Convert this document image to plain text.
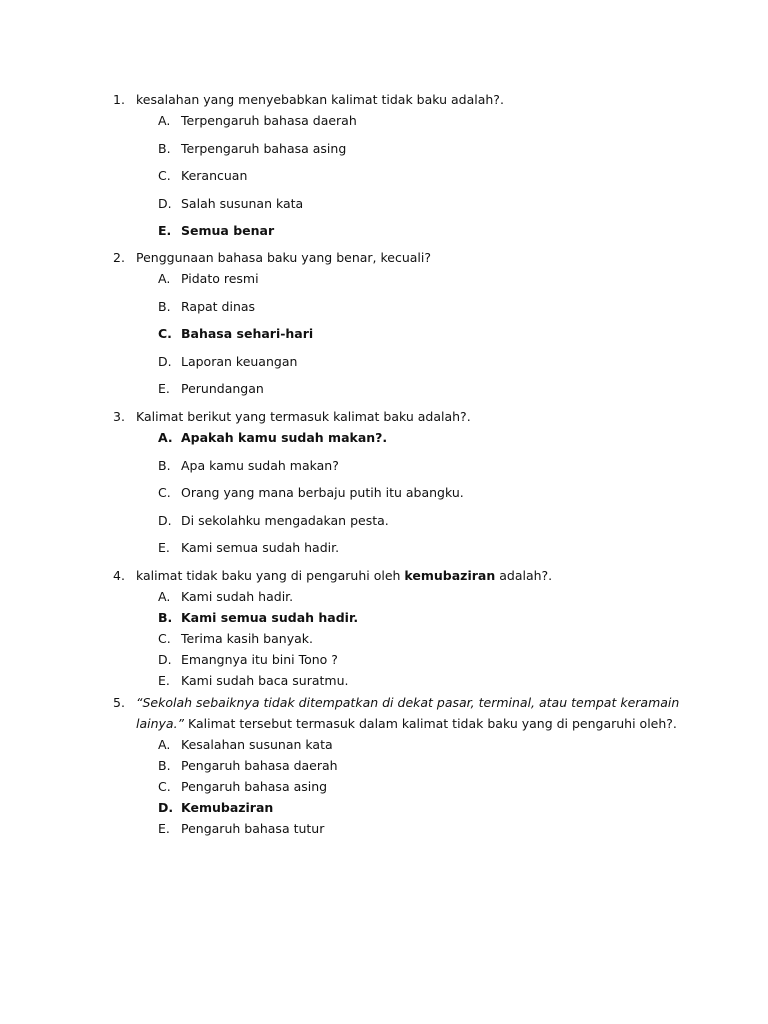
1. kesalahan yang menyebabkan kalimat tidak baku adalah?.
A. Terpengaruh bahasa daerah
B. Terpengaruh bahasa asing
C. Kerancuan
D. Salah susunan kata
E. Semua benar
2. Penggunaan bahasa baku yang benar, kecuali?
A. Pidato resmi
B. Rapat dinas
C. Bahasa sehari-hari
D. Laporan keuangan
E. Perundangan
3. Kalimat berikut yang termasuk kalimat baku adalah?.
A. Apakah kamu sudah makan?.
B. Apa kamu sudah makan?
C. Orang yang mana berbaju putih itu abangku.
D. Di sekolahku mengadakan pesta.
E. Kami semua sudah hadir.
4. kalimat tidak baku yang di pengaruhi oleh kemubaziran adalah?.
A. Kami sudah hadir.
B. Kami semua sudah hadir.
C. Terima kasih banyak.
D. Emangnya itu bini Tono ?
E. Kami sudah baca suratmu.
5. “Sekolah sebaiknya tidak ditempatkan di dekat pasar, terminal, atau tempat keramain
lainya.” Kalimat tersebut termasuk dalam kalimat tidak baku yang di pengaruhi oleh?.
A. Kesalahan susunan kata
B. Pengaruh bahasa daerah
C. Pengaruh bahasa asing
D. Kemubaziran
E. Pengaruh bahasa tutur
